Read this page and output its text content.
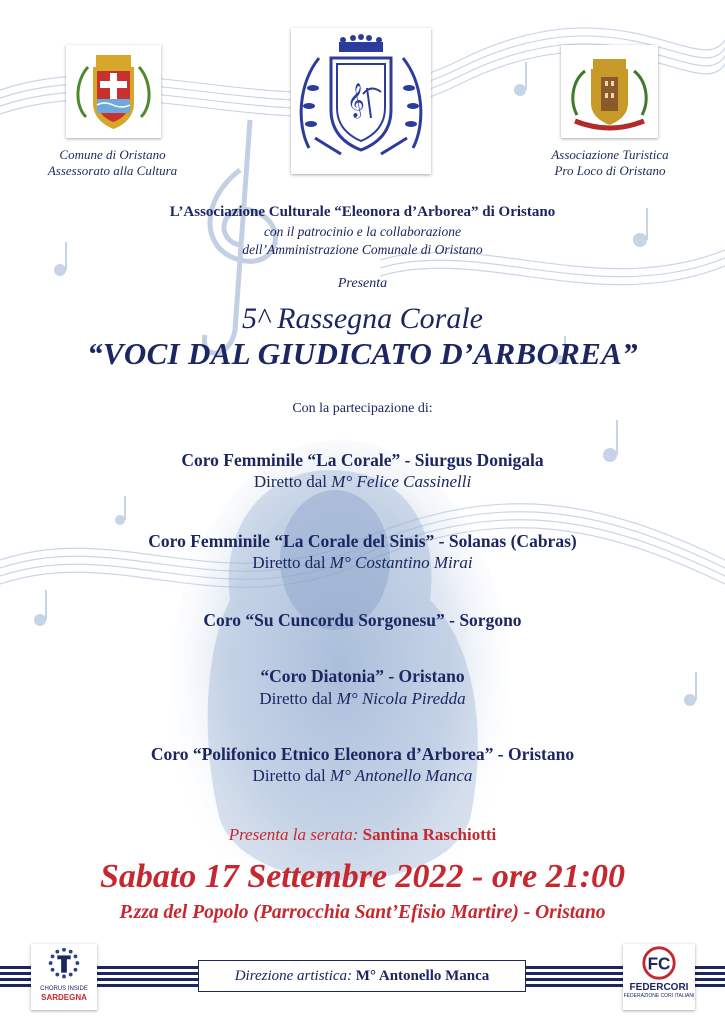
𝄞
Comune di Oristano
Assessorato alla Cultura
Associazione Turistica
Pro Loco di Oristano
L’Associazione Culturale “Eleonora d’Arborea” di Oristano
con il patrocinio e la collaborazione
dell’Amministrazione Comunale di Oristano
Presenta
5^ Rassegna Corale
“VOCI DAL GIUDICATO D’ARBOREA”
Con la partecipazione di:
Coro Femminile “La Corale” - Siurgus Donigala
Diretto dal M° Felice Cassinelli
Coro Femminile “La Corale del Sinis” - Solanas (Cabras)
Diretto dal M° Costantino Mirai
Coro “Su Cuncordu Sorgonesu” - Sorgono
“Coro Diatonia” - Oristano
Diretto dal M° Nicola Piredda
Coro “Polifonico Etnico Eleonora d’Arborea” - Oristano
Diretto dal M° Antonello Manca
Presenta la serata: Santina Raschiotti
Sabato 17 Settembre 2022 - ore 21:00
P.zza del Popolo (Parrocchia Sant’Efisio Martire) - Oristano
Direzione artistica: M° Antonello Manca
CHORUS INSIDE
SARDEGNA
FC
FEDERCORI
FEDERAZIONE CORI ITALIANI
